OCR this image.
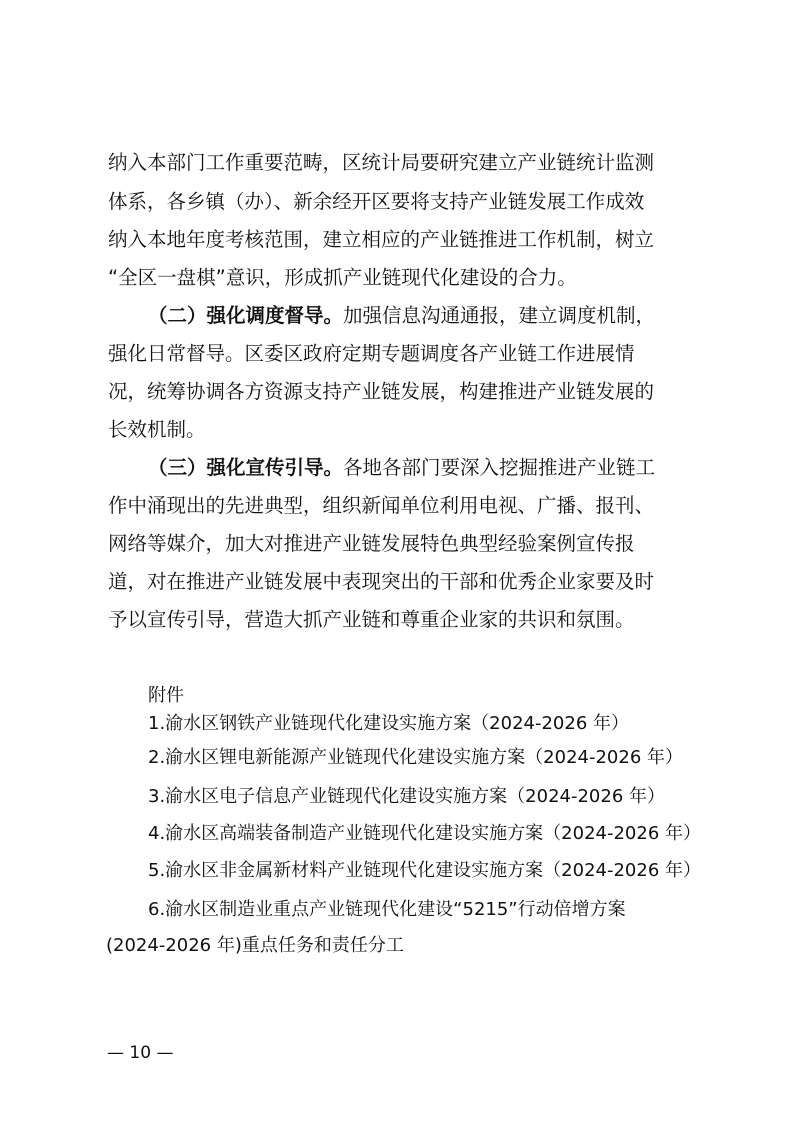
纳入本部门工作重要范畴，区统计局要研究建立产业链统计监测
体系，各乡镇（办）、新余经开区要将支持产业链发展工作成效
纳入本地年度考核范围，建立相应的产业链推进工作机制，树立
“全区一盘棋”意识，形成抓产业链现代化建设的合力。
（二）强化调度督导。加强信息沟通通报，建立调度机制，
强化日常督导。区委区政府定期专题调度各产业链工作进展情
况，统筹协调各方资源支持产业链发展，构建推进产业链发展的
长效机制。
（三）强化宣传引导。各地各部门要深入挖掘推进产业链工
作中涌现出的先进典型，组织新闻单位利用电视、广播、报刊、
网络等媒介，加大对推进产业链发展特色典型经验案例宣传报
道，对在推进产业链发展中表现突出的干部和优秀企业家要及时
予以宣传引导，营造大抓产业链和尊重企业家的共识和氛围。
附件
1.渝水区钢铁产业链现代化建设实施方案（2024-2026 年）
2.渝水区锂电新能源产业链现代化建设实施方案（2024-2026 年）
3.渝水区电子信息产业链现代化建设实施方案（2024-2026 年）
4.渝水区高端装备制造产业链现代化建设实施方案（2024-2026 年）
5.渝水区非金属新材料产业链现代化建设实施方案（2024-2026 年）
6.渝水区制造业重点产业链现代化建设“5215”行动倍增方案
(2024-2026 年)重点任务和责任分工
— 10 —
